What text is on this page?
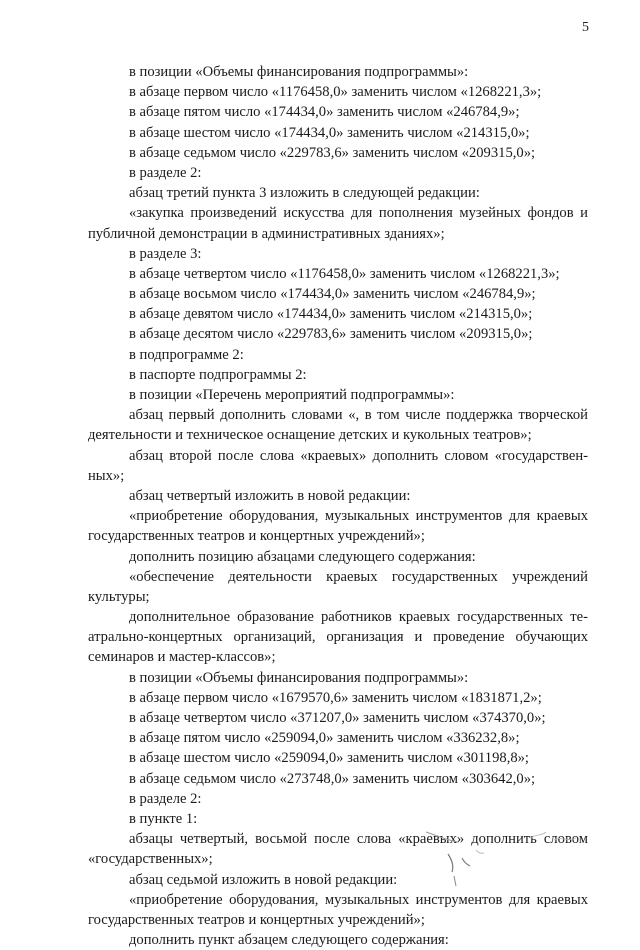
5
в позиции «Объемы финансирования подпрограммы»:
в абзаце первом число «1176458,0» заменить числом «1268221,3»;
в абзаце пятом число «174434,0» заменить числом «246784,9»;
в абзаце шестом число «174434,0» заменить числом «214315,0»;
в абзаце седьмом число «229783,6» заменить числом «209315,0»;
в разделе 2:
абзац третий пункта 3 изложить в следующей редакции:
«закупка произведений искусства для пополнения музейных фондов и
публичной демонстрации в административных зданиях»;
в разделе 3:
в абзаце четвертом число «1176458,0» заменить числом «1268221,3»;
в абзаце восьмом число «174434,0» заменить числом «246784,9»;
в абзаце девятом число «174434,0» заменить числом «214315,0»;
в абзаце десятом число «229783,6» заменить числом «209315,0»;
в подпрограмме 2:
в паспорте подпрограммы 2:
в позиции «Перечень мероприятий подпрограммы»:
абзац первый дополнить словами «, в том числе поддержка творческой
деятельности и техническое оснащение детских и кукольных театров»;
абзац второй после слова «краевых» дополнить словом «государствен-
ных»;
абзац четвертый изложить в новой редакции:
«приобретение оборудования, музыкальных инструментов для краевых
государственных театров и концертных учреждений»;
дополнить позицию абзацами следующего содержания:
«обеспечение деятельности краевых государственных учреждений
культуры;
дополнительное образование работников краевых государственных те-
атрально-концертных организаций, организация и проведение обучающих
семинаров и мастер-классов»;
в позиции «Объемы финансирования подпрограммы»:
в абзаце первом число «1679570,6» заменить числом «1831871,2»;
в абзаце четвертом число «371207,0» заменить числом «374370,0»;
в абзаце пятом число «259094,0» заменить числом «336232,8»;
в абзаце шестом число «259094,0» заменить числом «301198,8»;
в абзаце седьмом число «273748,0» заменить числом «303642,0»;
в разделе 2:
в пункте 1:
абзацы четвертый, восьмой после слова «краевых» дополнить словом
«государственных»;
абзац седьмой изложить в новой редакции:
«приобретение оборудования, музыкальных инструментов для краевых
государственных театров и концертных учреждений»;
дополнить пункт абзацем следующего содержания:
